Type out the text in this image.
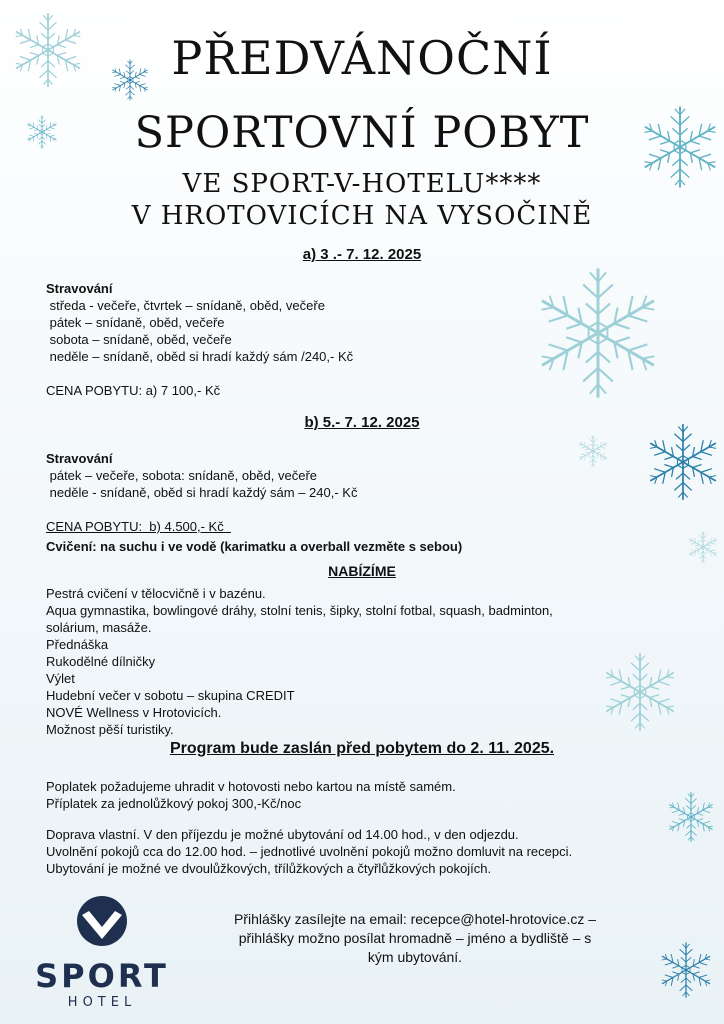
PŘEDVÁNOČNÍ
SPORTOVNÍ POBYT
VE SPORT-V-HOTELU****
V HROTOVICÍCH NA VYSOČINĚ
a) 3 .- 7. 12. 2025
Stravování
středa - večeře, čtvrtek – snídaně, oběd, večeře
pátek – snídaně, oběd, večeře
sobota – snídaně, oběd, večeře
neděle – snídaně, oběd si hradí každý sám /240,- Kč
CENA POBYTU: a) 7 100,- Kč
b) 5.- 7. 12. 2025
Stravování
pátek – večeře, sobota: snídaně, oběd, večeře
neděle - snídaně, oběd si hradí každý sám – 240,- Kč
CENA POBYTU:  b) 4.500,- Kč
Cvičení: na suchu i ve vodě (karimatku a overball vezměte s sebou)
NABÍZÍME
Pestrá cvičení v tělocvičně i v bazénu.
Aqua gymnastika, bowlingové dráhy, stolní tenis, šipky, stolní fotbal, squash, badminton,
solárium, masáže.
Přednáška
Rukodělné dílničky
Výlet
Hudební večer v sobotu – skupina CREDIT
NOVÉ Wellness v Hrotovicích.
Možnost pěší turistiky.
Program bude zaslán před pobytem do 2. 11. 2025.
Poplatek požadujeme uhradit v hotovosti nebo kartou na místě samém.
Příplatek za jednolůžkový pokoj 300,-Kč/noc
Doprava vlastní. V den příjezdu je možné ubytování od 14.00 hod., v den odjezdu.
Uvolnění pokojů cca do 12.00 hod. – jednotlivé uvolnění pokojů možno domluvit na recepci.
Ubytování je možné ve dvoulůžkových, třílůžkových a čtyřlůžkových pokojích.
SPORT
HOTEL
Přihlášky zasílejte na email: recepce@hotel-hrotovice.cz –
přihlášky možno posílat hromadně – jméno a bydliště – s
kým ubytování.
